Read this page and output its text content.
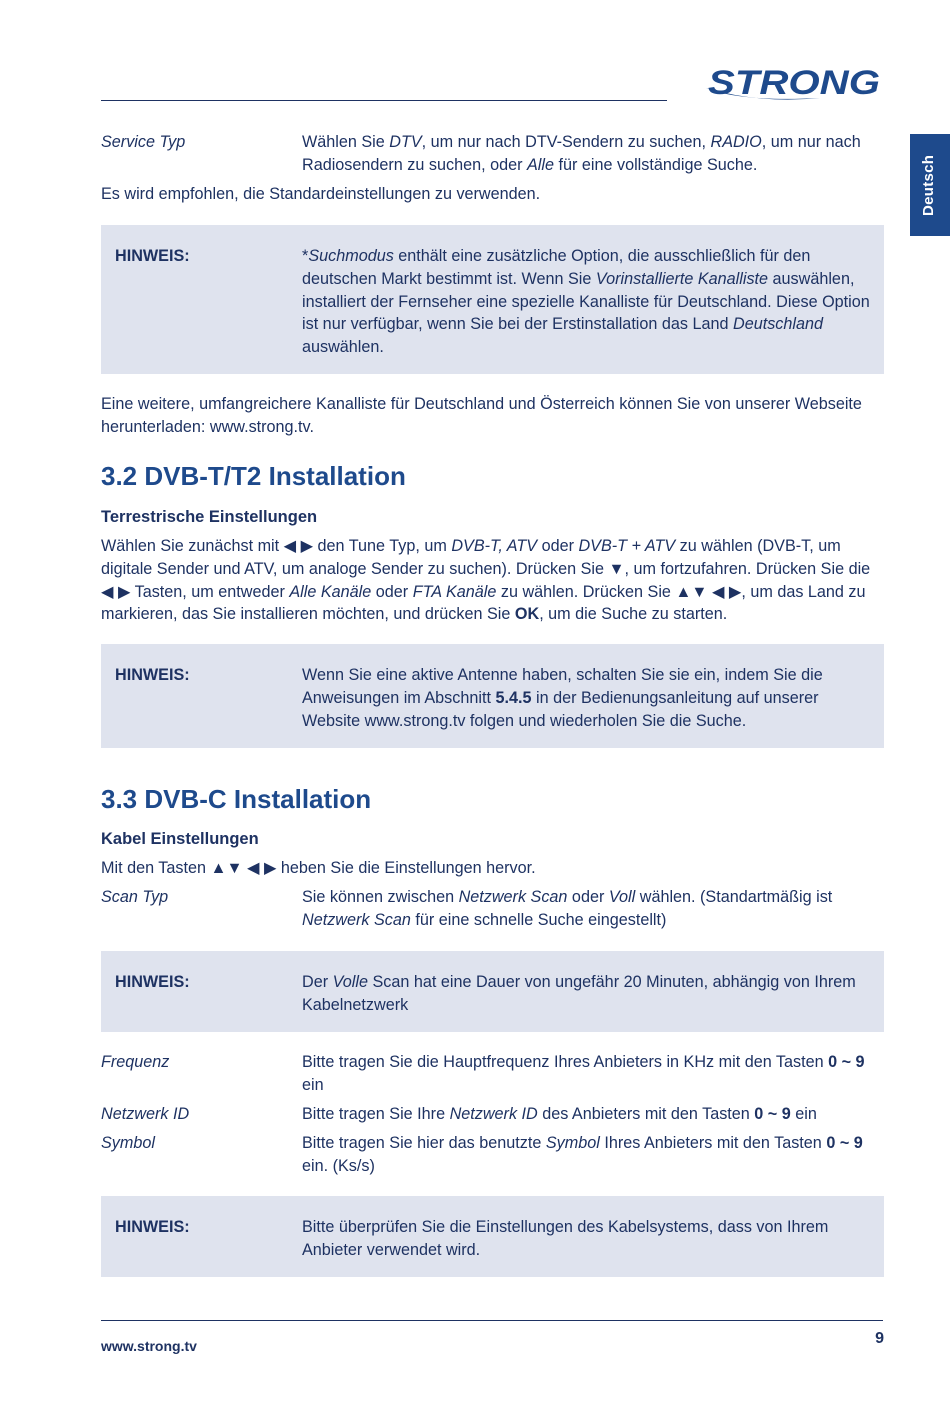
STRONG
Deutsch
Service Typ	Wählen Sie DTV, um nur nach DTV-Sendern zu suchen, RADIO, um nur nach Radiosendern zu suchen, oder Alle für eine vollständige Suche.
Es wird empfohlen, die Standardeinstellungen zu verwenden.
HINWEIS:	*Suchmodus enthält eine zusätzliche Option, die ausschließlich für den deutschen Markt bestimmt ist. Wenn Sie Vorinstallierte Kanalliste auswählen, installiert der Fernseher eine spezielle Kanalliste für Deutschland. Diese Option ist nur verfügbar, wenn Sie bei der Erstinstallation das Land Deutschland auswählen.
Eine weitere, umfangreichere Kanalliste für Deutschland und Österreich können Sie von unserer Webseite herunterladen: www.strong.tv.
3.2 DVB-T/T2 Installation
Terrestrische Einstellungen
Wählen Sie zunächst mit ◀ ▶ den Tune Typ, um DVB-T, ATV oder DVB-T + ATV zu wählen (DVB-T, um digitale Sender und ATV, um analoge Sender zu suchen). Drücken Sie ▼, um fortzufahren. Drücken Sie die ◀ ▶ Tasten, um entweder Alle Kanäle oder FTA Kanäle zu wählen. Drücken Sie ▲▼ ◀ ▶, um das Land zu markieren, das Sie installieren möchten, und drücken Sie OK, um die Suche zu starten.
HINWEIS:	Wenn Sie eine aktive Antenne haben, schalten Sie sie ein, indem Sie die Anweisungen im Abschnitt 5.4.5 in der Bedienungsanleitung auf unserer Website www.strong.tv folgen und wiederholen Sie die Suche.
3.3 DVB-C Installation
Kabel Einstellungen
Mit den Tasten ▲▼ ◀ ▶ heben Sie die Einstellungen hervor.
Scan Typ	Sie können zwischen Netzwerk Scan oder Voll wählen. (Standartmäßig ist Netzwerk Scan für eine schnelle Suche eingestellt)
HINWEIS:	Der Volle Scan hat eine Dauer von ungefähr 20 Minuten, abhängig von Ihrem Kabelnetzwerk
Frequenz	Bitte tragen Sie die Hauptfrequenz Ihres Anbieters in KHz mit den Tasten 0 ~ 9 ein
Netzwerk ID	Bitte tragen Sie Ihre Netzwerk ID des Anbieters mit den Tasten 0 ~ 9 ein
Symbol	Bitte tragen Sie hier das benutzte Symbol Ihres Anbieters mit den Tasten 0 ~ 9 ein. (Ks/s)
HINWEIS:	Bitte überprüfen Sie die Einstellungen des Kabelsystems, dass von Ihrem Anbieter verwendet wird.
www.strong.tv	9
